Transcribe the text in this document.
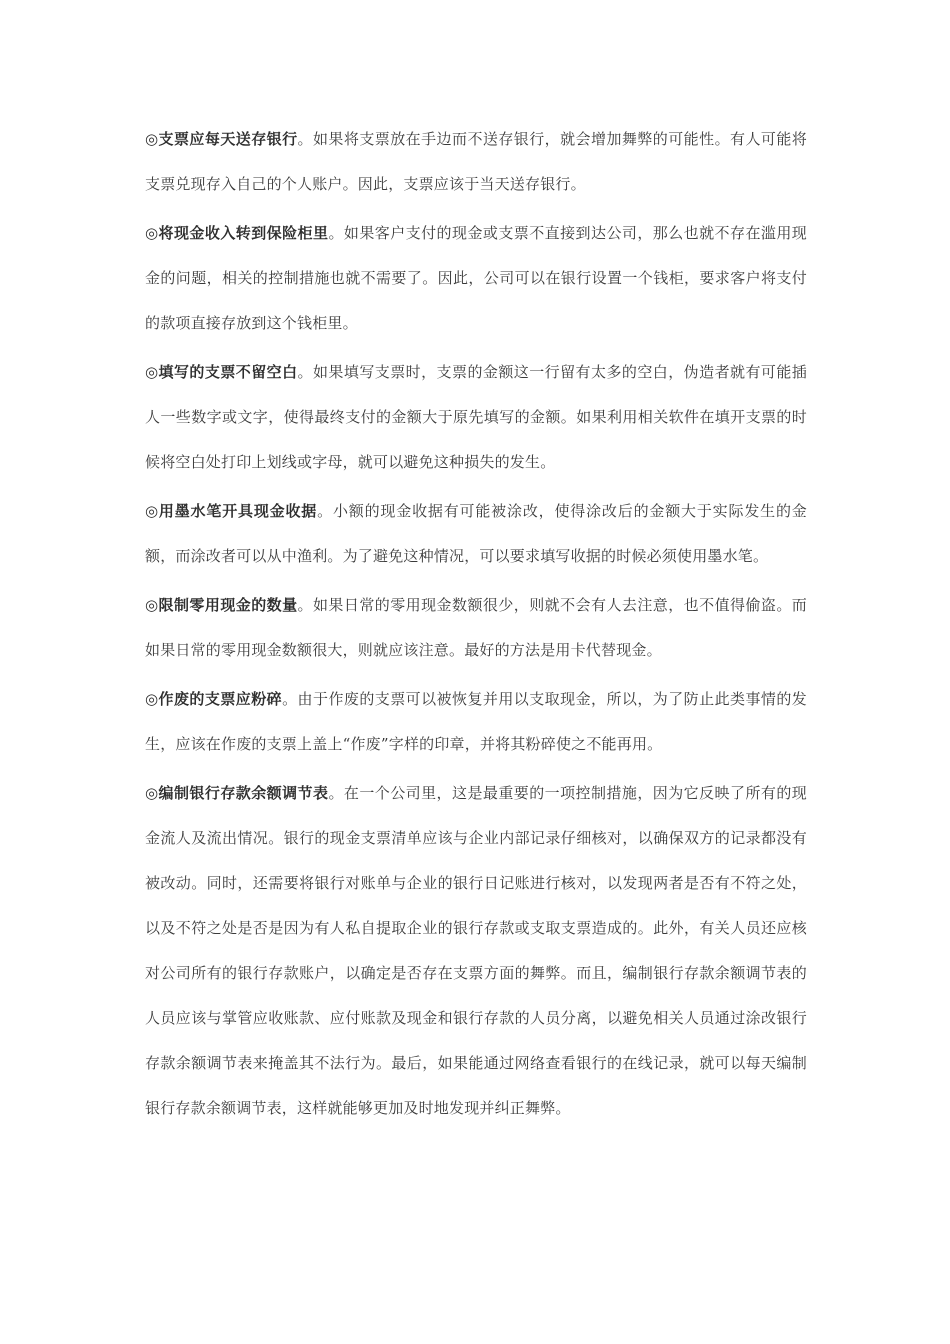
◎支票应每天送存银行。如果将支票放在手边而不送存银行，就会增加舞弊的可能性。有人可能将支票兑现存入自己的个人账户。因此，支票应该于当天送存银行。

◎将现金收入转到保险柜里。如果客户支付的现金或支票不直接到达公司，那么也就不存在滥用现金的问题，相关的控制措施也就不需要了。因此，公司可以在银行设置一个钱柜，要求客户将支付的款项直接存放到这个钱柜里。

◎填写的支票不留空白。如果填写支票时，支票的金额这一行留有太多的空白，伪造者就有可能插人一些数字或文字，使得最终支付的金额大于原先填写的金额。如果利用相关软件在填开支票的时候将空白处打印上划线或字母，就可以避免这种损失的发生。

◎用墨水笔开具现金收据。小额的现金收据有可能被涂改，使得涂改后的金额大于实际发生的金额，而涂改者可以从中渔利。为了避免这种情况，可以要求填写收据的时候必须使用墨水笔。

◎限制零用现金的数量。如果日常的零用现金数额很少，则就不会有人去注意，也不值得偷盗。而如果日常的零用现金数额很大，则就应该注意。最好的方法是用卡代替现金。

◎作废的支票应粉碎。由于作废的支票可以被恢复并用以支取现金，所以，为了防止此类事情的发生，应该在作废的支票上盖上“作废”字样的印章，并将其粉碎使之不能再用。

◎编制银行存款余额调节表。在一个公司里，这是最重要的一项控制措施，因为它反映了所有的现金流人及流出情况。银行的现金支票清单应该与企业内部记录仔细核对，以确保双方的记录都没有被改动。同时，还需要将银行对账单与企业的银行日记账进行核对，以发现两者是否有不符之处，以及不符之处是否是因为有人私自提取企业的银行存款或支取支票造成的。此外，有关人员还应核对公司所有的银行存款账户，以确定是否存在支票方面的舞弊。而且，编制银行存款余额调节表的人员应该与掌管应收账款、应付账款及现金和银行存款的人员分离，以避免相关人员通过涂改银行存款余额调节表来掩盖其不法行为。最后，如果能通过网络查看银行的在线记录，就可以每天编制银行存款余额调节表，这样就能够更加及时地发现并纠正舞弊。
